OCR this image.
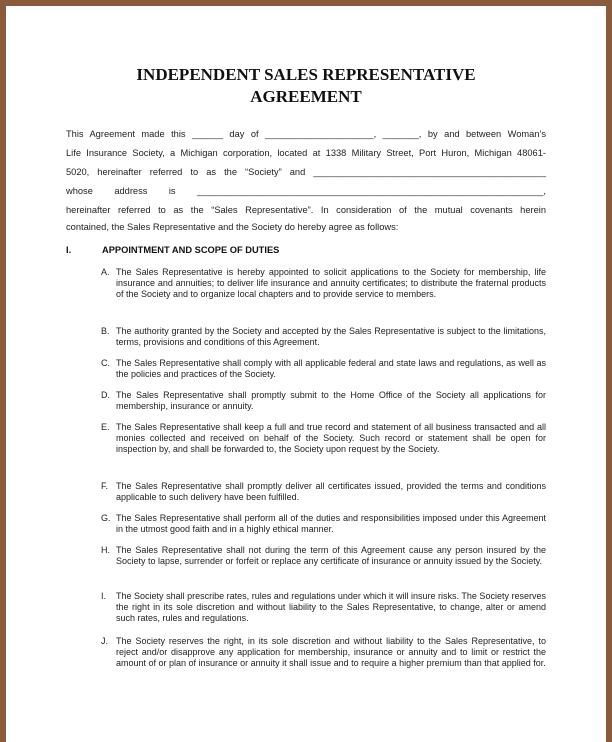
INDEPENDENT SALES REPRESENTATIVE
AGREEMENT
This Agreement made this ______ day of _____________________, _______, by and between Woman’s
Life Insurance Society, a Michigan corporation, located at 1338 Military Street, Port Huron, Michigan 48061-
5020, hereinafter referred to as the “Society” and _____________________________________________
whose address is ___________________________________________________________________,
hereinafter referred to as the “Sales Representative”. In consideration of the mutual covenants herein
contained, the Sales Representative and the Society do hereby agree as follows:
I.	APPOINTMENT AND SCOPE OF DUTIES
A. The Sales Representative is hereby appointed to solicit applications to the Society for membership, life insurance and annuities; to deliver life insurance and annuity certificates; to distribute the fraternal products of the Society and to organize local chapters and to provide service to members.
B. The authority granted by the Society and accepted by the Sales Representative is subject to the limitations, terms, provisions and conditions of this Agreement.
C. The Sales Representative shall comply with all applicable federal and state laws and regulations, as well as the policies and practices of the Society.
D. The Sales Representative shall promptly submit to the Home Office of the Society all applications for membership, insurance or annuity.
E. The Sales Representative shall keep a full and true record and statement of all business transacted and all monies collected and received on behalf of the Society. Such record or statement shall be open for inspection by, and shall be forwarded to, the Society upon request by the Society.
F. The Sales Representative shall promptly deliver all certificates issued, provided the terms and conditions applicable to such delivery have been fulfilled.
G. The Sales Representative shall perform all of the duties and responsibilities imposed under this Agreement in the utmost good faith and in a highly ethical manner.
H. The Sales Representative shall not during the term of this Agreement cause any person insured by the Society to lapse, surrender or forfeit or replace any certificate of insurance or annuity issued by the Society.
I.	The Society shall prescribe rates, rules and regulations under which it will insure risks. The Society reserves the right in its sole discretion and without liability to the Sales Representative, to change, alter or amend such rates, rules and regulations.
J. The Society reserves the right, in its sole discretion and without liability to the Sales Representative, to reject and/or disapprove any application for membership, insurance or annuity and to limit or restrict the amount of or plan of insurance or annuity it shall issue and to require a higher premium than that applied for.
